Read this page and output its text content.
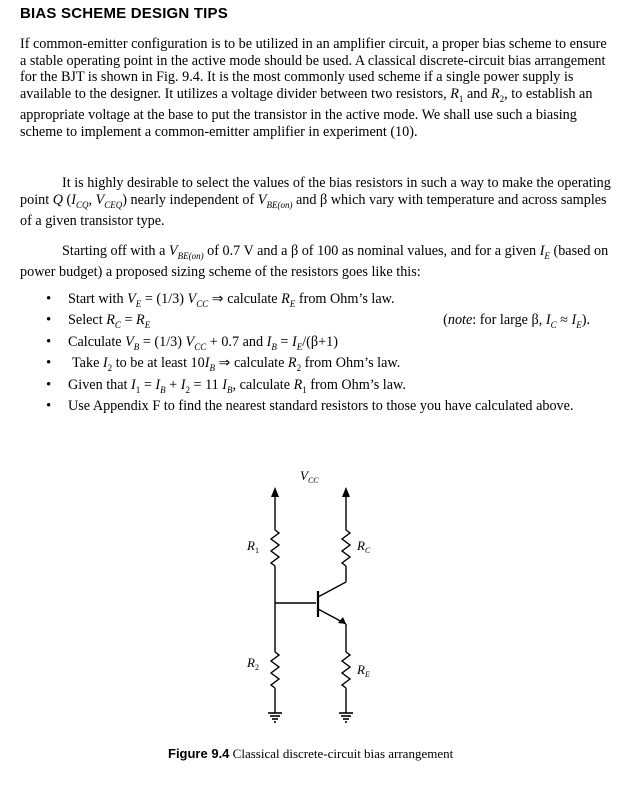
BIAS SCHEME DESIGN TIPS

If common-emitter configuration is to be utilized in an amplifier circuit, a proper bias scheme to ensure a stable operating point in the active mode should be used. A classical discrete-circuit bias arrangement for the BJT is shown in Fig. 9.4. It is the most commonly used scheme if a single power supply is available to the designer. It utilizes a voltage divider between two resistors, $R_1$ and $R_2$, to establish an appropriate voltage at the base to put the transistor in the active mode. We shall use such a biasing scheme to implement a common-emitter amplifier in experiment (10).

It is highly desirable to select the values of the bias resistors in such a way to make the operating point Q ($I_{CQ}$, $V_{CEQ}$) nearly independent of $V_{BE(on)}$ and β which vary with temperature and across samples of a given transistor type.

Starting off with a $V_{BE(on)}$ of 0.7 V and a β of 100 as nominal values, and for a given $I_E$ (based on power budget) a proposed sizing scheme of the resistors goes like this:

• Start with $V_E = (1/3)$ $V_{CC}$ ⇒ calculate $R_E$ from Ohm’s law.
• Select $R_C = R_E$	(note: for large β, $I_C \approx I_E$).
• Calculate $V_B = (1/3) V_{CC} + 0.7$ and $I_B = I_E/(\beta+1)$
• Take $I_2$ to be at least $10I_B$ ⇒ calculate $R_2$ from Ohm’s law.
• Given that $I_1 = I_B + I_2 = 11$ $I_B$, calculate $R_1$ from Ohm’s law.
• Use Appendix F to find the nearest standard resistors to those you have calculated above.
$V_{CC}$
$R_1$
$R_2$
$R_C$
$R_E$
Figure 9.4 Classical discrete-circuit bias arrangement
